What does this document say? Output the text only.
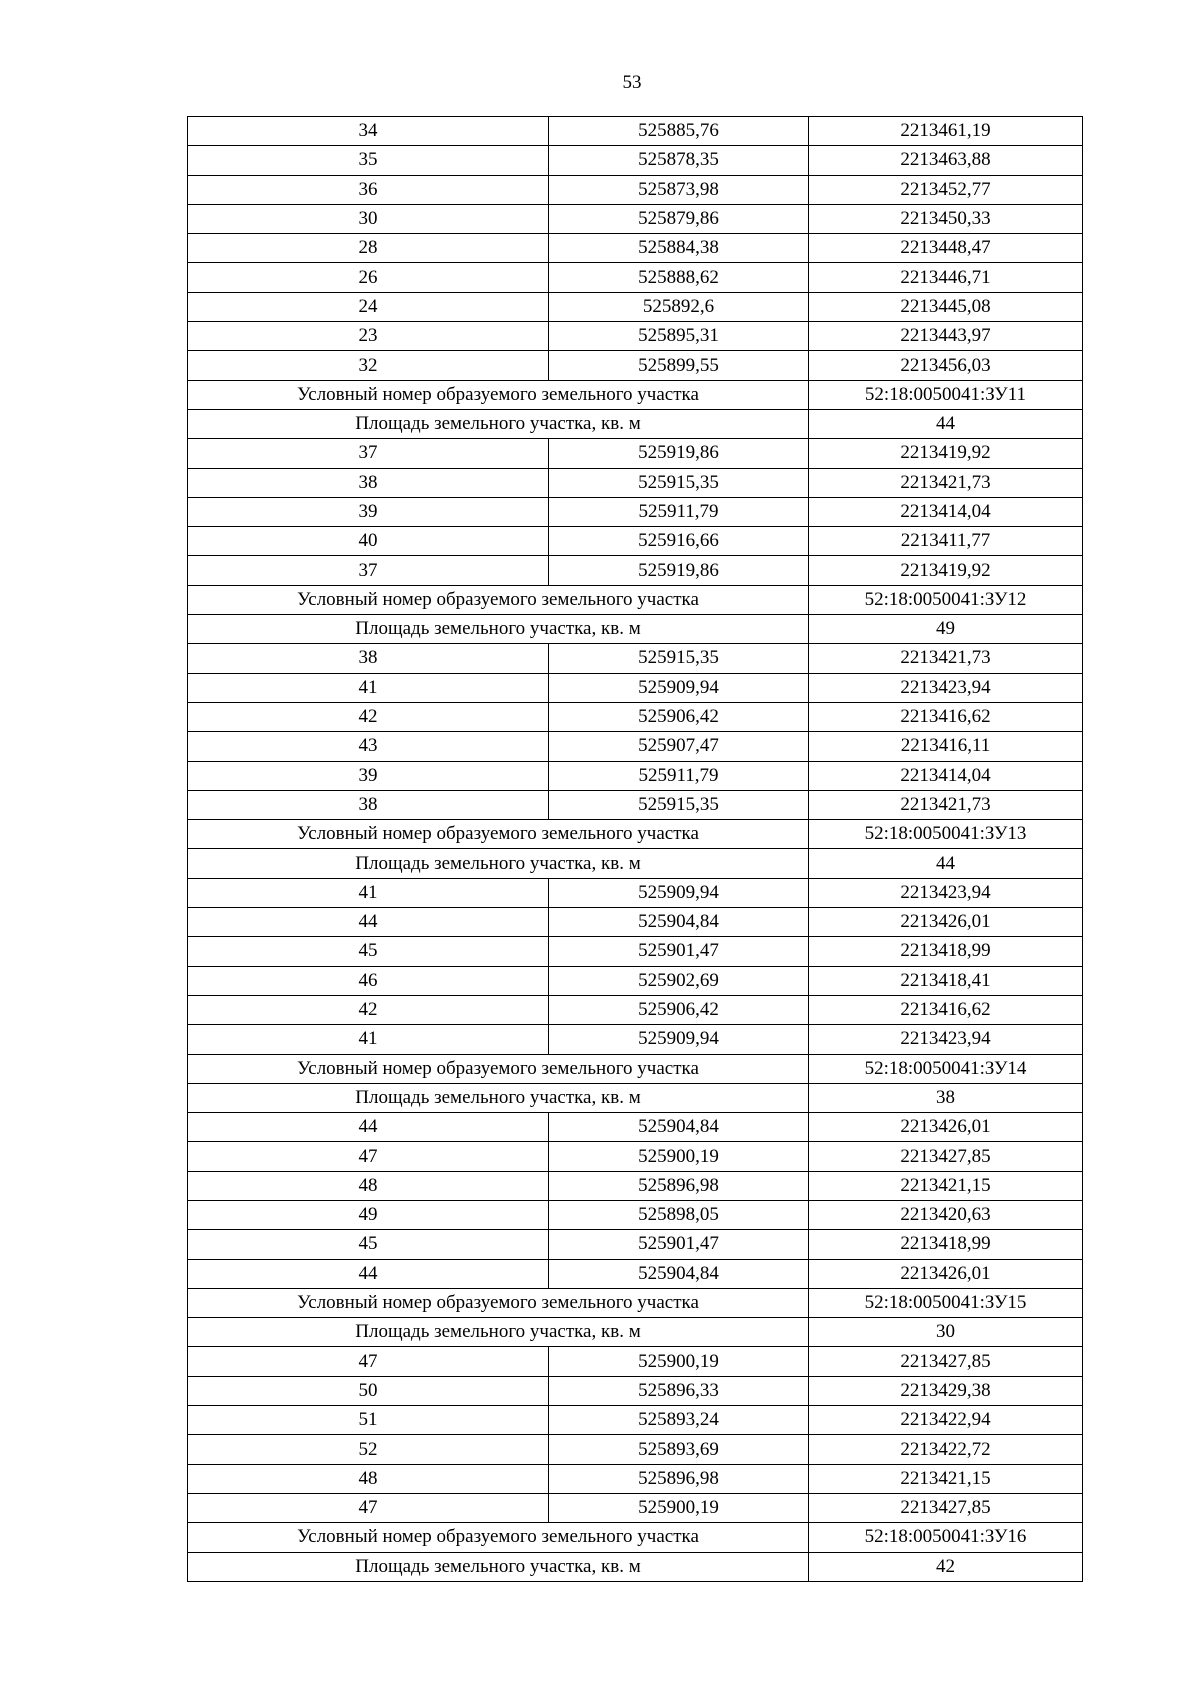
53
34	525885,76	2213461,19
35	525878,35	2213463,88
36	525873,98	2213452,77
30	525879,86	2213450,33
28	525884,38	2213448,47
26	525888,62	2213446,71
24	525892,6	2213445,08
23	525895,31	2213443,97
32	525899,55	2213456,03
Условный номер образуемого земельного участка		52:18:0050041:ЗУ11
Площадь земельного участка, кв. м		44
37	525919,86	2213419,92
38	525915,35	2213421,73
39	525911,79	2213414,04
40	525916,66	2213411,77
37	525919,86	2213419,92
Условный номер образуемого земельного участка		52:18:0050041:ЗУ12
Площадь земельного участка, кв. м		49
38	525915,35	2213421,73
41	525909,94	2213423,94
42	525906,42	2213416,62
43	525907,47	2213416,11
39	525911,79	2213414,04
38	525915,35	2213421,73
Условный номер образуемого земельного участка		52:18:0050041:ЗУ13
Площадь земельного участка, кв. м		44
41	525909,94	2213423,94
44	525904,84	2213426,01
45	525901,47	2213418,99
46	525902,69	2213418,41
42	525906,42	2213416,62
41	525909,94	2213423,94
Условный номер образуемого земельного участка		52:18:0050041:ЗУ14
Площадь земельного участка, кв. м		38
44	525904,84	2213426,01
47	525900,19	2213427,85
48	525896,98	2213421,15
49	525898,05	2213420,63
45	525901,47	2213418,99
44	525904,84	2213426,01
Условный номер образуемого земельного участка		52:18:0050041:ЗУ15
Площадь земельного участка, кв. м		30
47	525900,19	2213427,85
50	525896,33	2213429,38
51	525893,24	2213422,94
52	525893,69	2213422,72
48	525896,98	2213421,15
47	525900,19	2213427,85
Условный номер образуемого земельного участка		52:18:0050041:ЗУ16
Площадь земельного участка, кв. м		42
